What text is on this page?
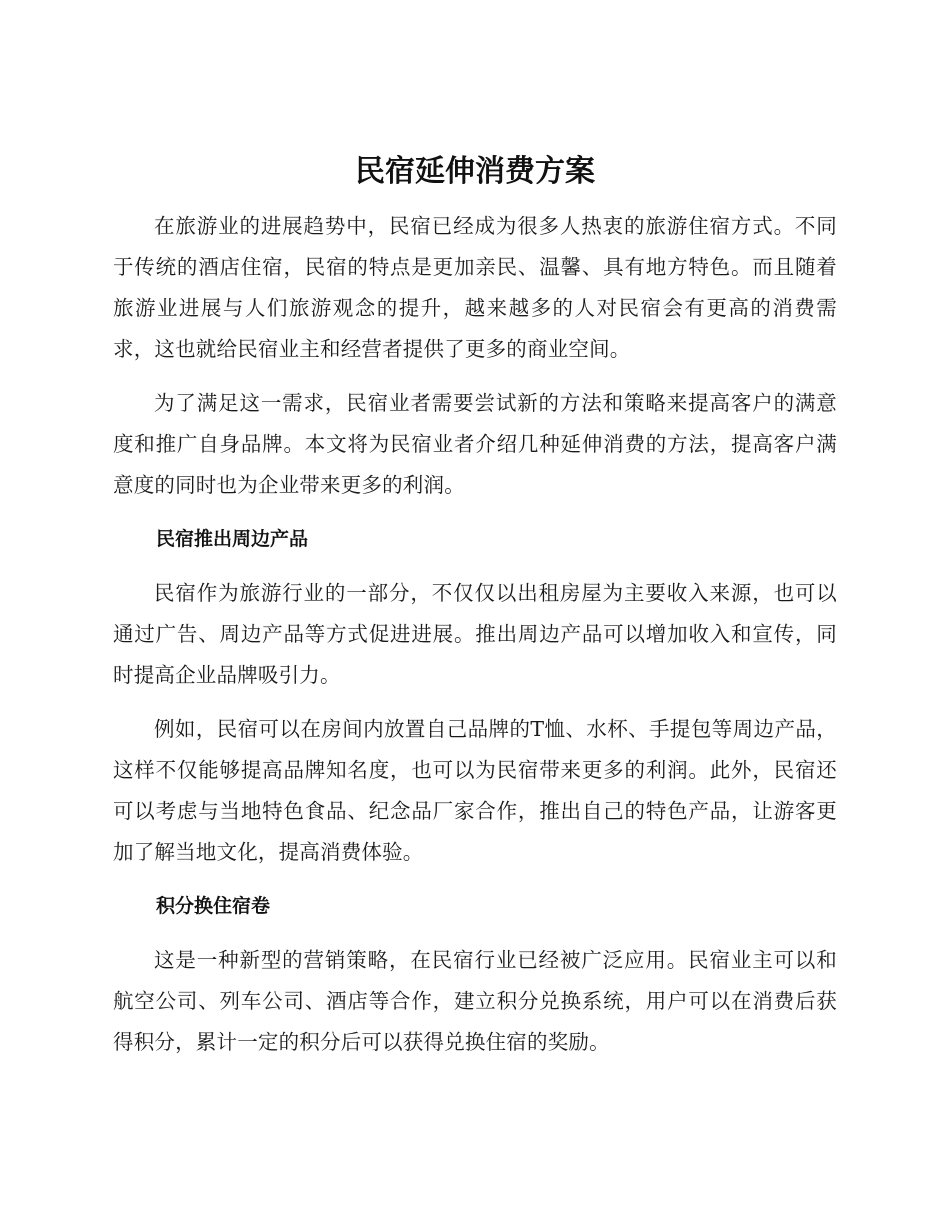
民宿延伸消费方案

在旅游业的进展趋势中，民宿已经成为很多人热衷的旅游住宿方式。不同于传统的酒店住宿，民宿的特点是更加亲民、温馨、具有地方特色。而且随着旅游业进展与人们旅游观念的提升，越来越多的人对民宿会有更高的消费需求，这也就给民宿业主和经营者提供了更多的商业空间。

为了满足这一需求，民宿业者需要尝试新的方法和策略来提高客户的满意度和推广自身品牌。本文将为民宿业者介绍几种延伸消费的方法，提高客户满意度的同时也为企业带来更多的利润。

民宿推出周边产品

民宿作为旅游行业的一部分，不仅仅以出租房屋为主要收入来源，也可以通过广告、周边产品等方式促进进展。推出周边产品可以增加收入和宣传，同时提高企业品牌吸引力。

例如，民宿可以在房间内放置自己品牌的T恤、水杯、手提包等周边产品，这样不仅能够提高品牌知名度，也可以为民宿带来更多的利润。此外，民宿还可以考虑与当地特色食品、纪念品厂家合作，推出自己的特色产品，让游客更加了解当地文化，提高消费体验。

积分换住宿卷

这是一种新型的营销策略，在民宿行业已经被广泛应用。民宿业主可以和航空公司、列车公司、酒店等合作，建立积分兑换系统，用户可以在消费后获得积分，累计一定的积分后可以获得兑换住宿的奖励。
